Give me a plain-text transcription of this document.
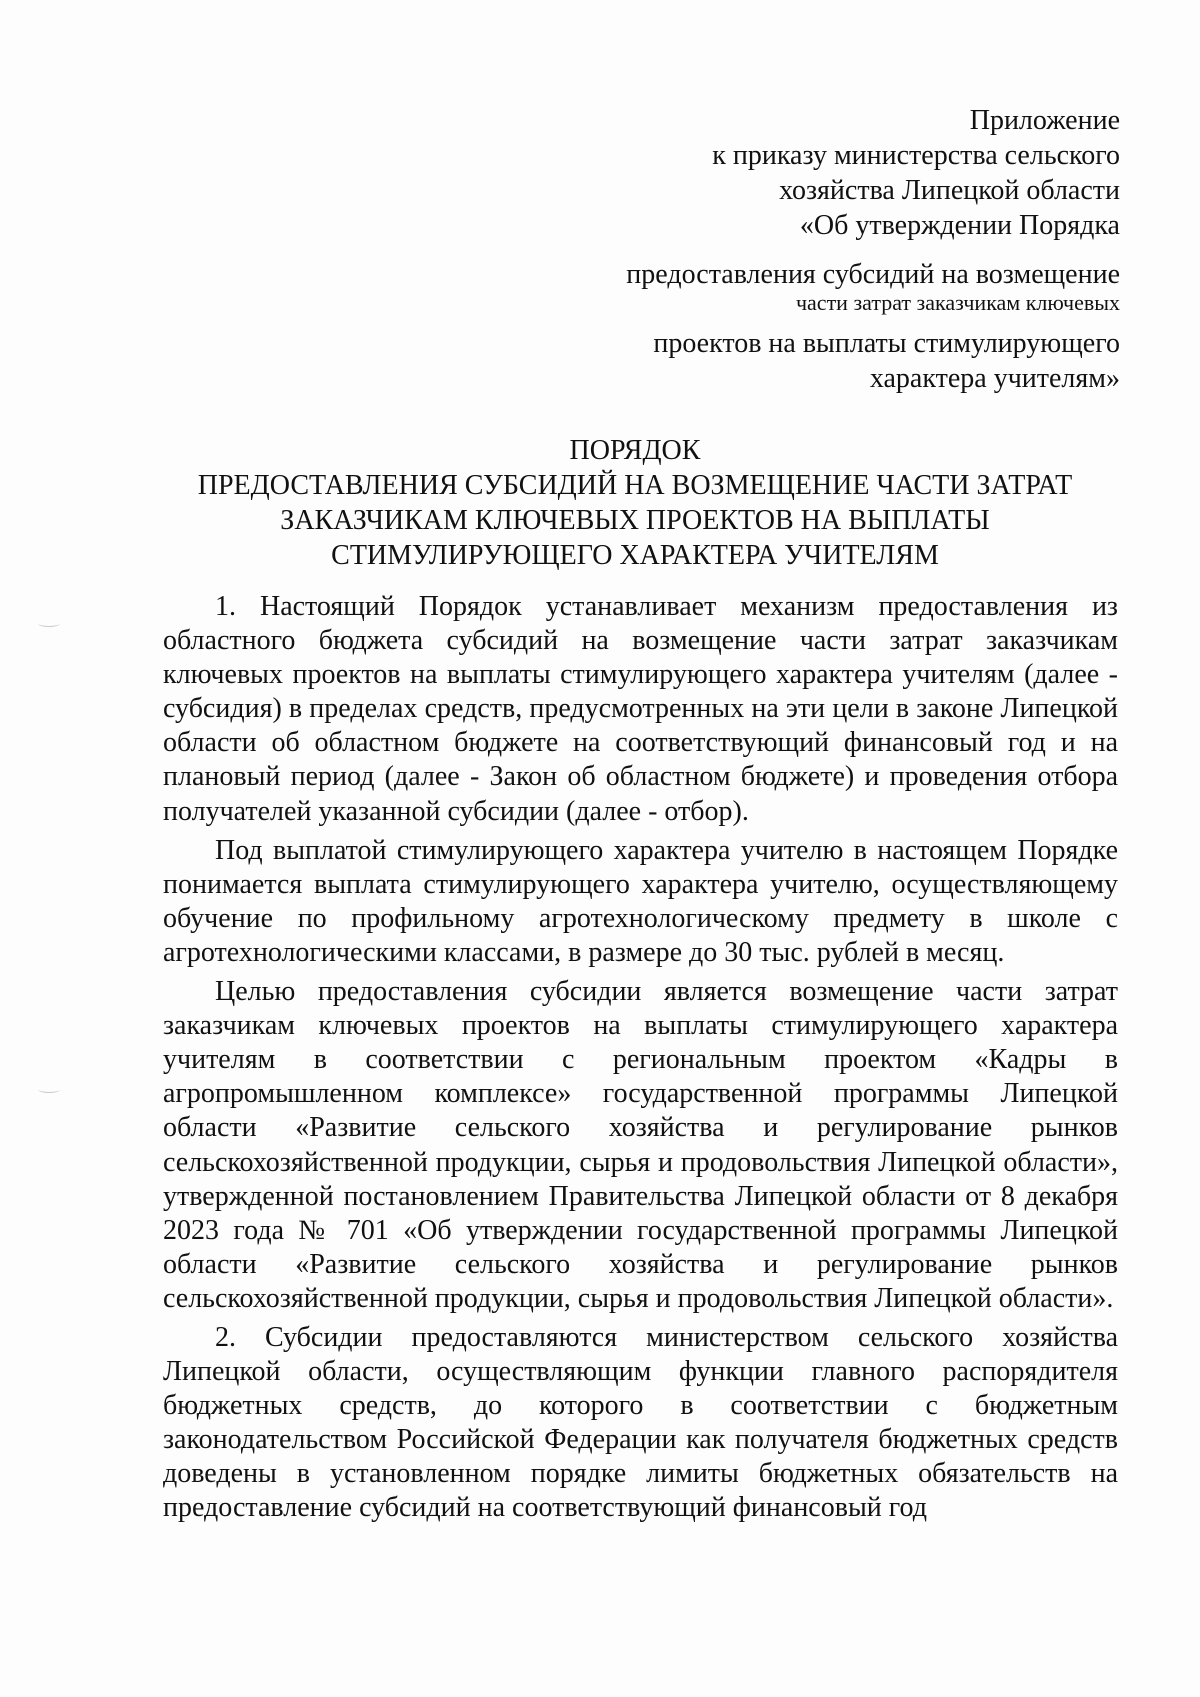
Приложение
к приказу министерства сельского
хозяйства Липецкой области
«Об утверждении Порядка
предоставления субсидий на возмещение
части затрат заказчикам ключевых
проектов на выплаты стимулирующего
характера учителям»
ПОРЯДОК
ПРЕДОСТАВЛЕНИЯ СУБСИДИЙ НА ВОЗМЕЩЕНИЕ ЧАСТИ ЗАТРАТ
ЗАКАЗЧИКАМ КЛЮЧЕВЫХ ПРОЕКТОВ НА ВЫПЛАТЫ
СТИМУЛИРУЮЩЕГО ХАРАКТЕРА УЧИТЕЛЯМ

1. Настоящий Порядок устанавливает механизм предоставления из областного бюджета субсидий на возмещение части затрат заказчикам ключевых проектов на выплаты стимулирующего характера учителям (далее - субсидия) в пределах средств, предусмотренных на эти цели в законе Липецкой области об областном бюджете на соответствующий финансовый год и на плановый период (далее - Закон об областном бюджете) и проведения отбора получателей указанной субсидии (далее - отбор).

Под выплатой стимулирующего характера учителю в настоящем Порядке понимается выплата стимулирующего характера учителю, осуществляющему обучение по профильному агротехнологическому предмету в школе с агротехнологическими классами, в размере до 30 тыс. рублей в месяц.

Целью предоставления субсидии является возмещение части затрат заказчикам ключевых проектов на выплаты стимулирующего характера учителям в соответствии с региональным проектом «Кадры в агропромышленном комплексе» государственной программы Липецкой области «Развитие сельского хозяйства и регулирование рынков сельскохозяйственной продукции, сырья и продовольствия Липецкой области», утвержденной постановлением Правительства Липецкой области от 8 декабря 2023 года № 701 «Об утверждении государственной программы Липецкой области «Развитие сельского хозяйства и регулирование рынков сельскохозяйственной продукции, сырья и продовольствия Липецкой области».

2. Субсидии предоставляются министерством сельского хозяйства Липецкой области, осуществляющим функции главного распорядителя бюджетных средств, до которого в соответствии с бюджетным законодательством Российской Федерации как получателя бюджетных средств доведены в установленном порядке лимиты бюджетных обязательств на предоставление субсидий на соответствующий финансовый год
